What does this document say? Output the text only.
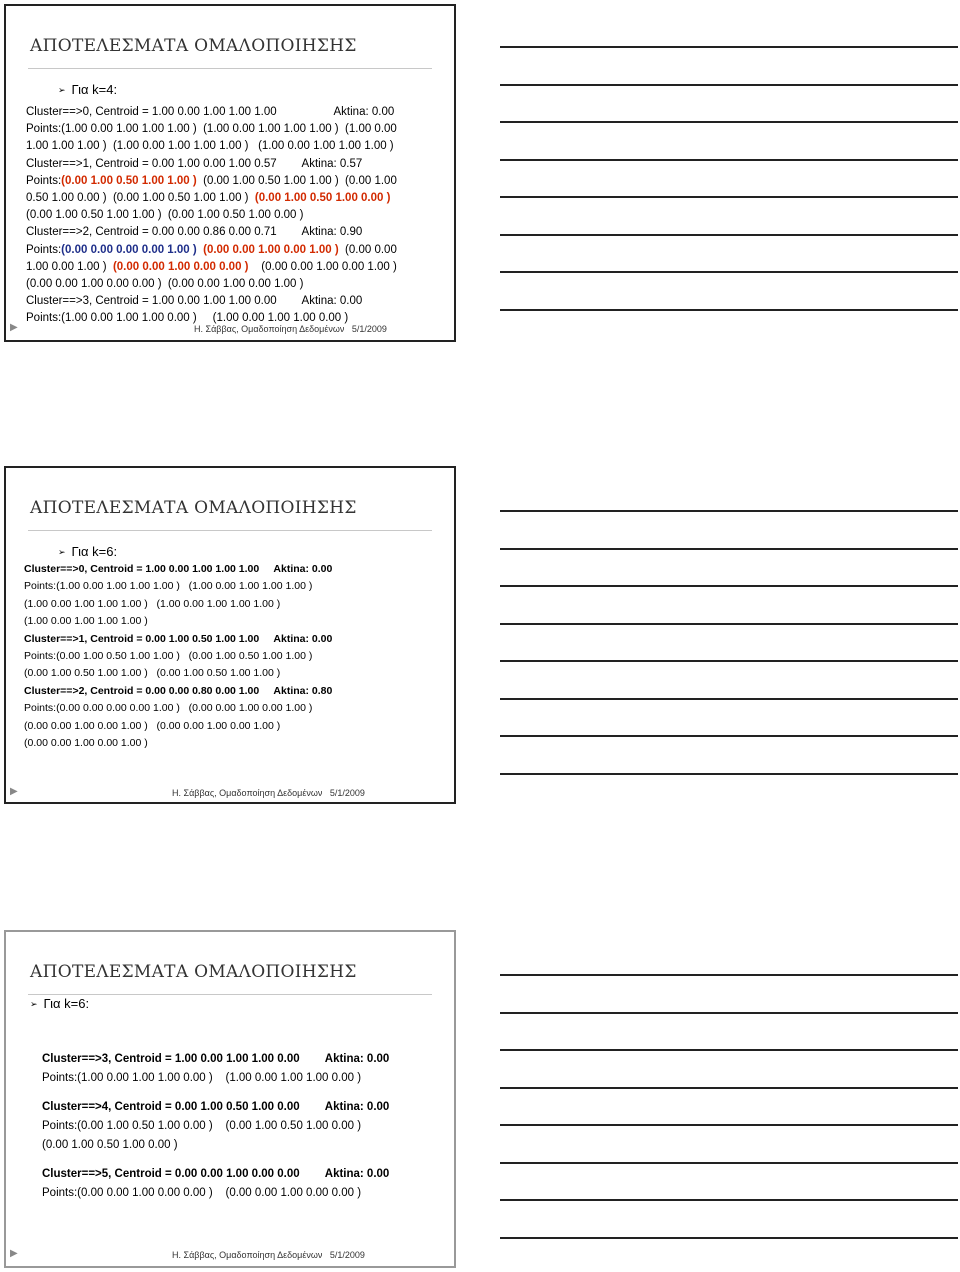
ΑΠΟΤΕΛΕΣΜΑΤΑ ΟΜΑΛΟΠΟΙΗΣΗΣ
➢ Για k=4:
▶	Η. Σάββας, Ομαδοποίηση Δεδομένων   5/1/2009
Cluster==>0, Centroid = 1.00 0.00 1.00 1.00 1.00                  Aktina: 0.00
Points:(1.00 0.00 1.00 1.00 1.00 )  (1.00 0.00 1.00 1.00 1.00 )  (1.00 0.00
1.00 1.00 1.00 )  (1.00 0.00 1.00 1.00 1.00 )   (1.00 0.00 1.00 1.00 1.00 )
Cluster==>1, Centroid = 0.00 1.00 0.00 1.00 0.57        Aktina: 0.57
Points:(0.00 1.00 0.50 1.00 1.00 )  (0.00 1.00 0.50 1.00 1.00 )  (0.00 1.00
0.50 1.00 0.00 )  (0.00 1.00 0.50 1.00 1.00 )  (0.00 1.00 0.50 1.00 0.00 )
(0.00 1.00 0.50 1.00 1.00 )  (0.00 1.00 0.50 1.00 0.00 )
Cluster==>2, Centroid = 0.00 0.00 0.86 0.00 0.71        Aktina: 0.90
Points:(0.00 0.00 0.00 0.00 1.00 ) (0.00 0.00 1.00 0.00 1.00 )  (0.00 0.00
1.00 0.00 1.00 )  (0.00 0.00 1.00 0.00 0.00 )    (0.00 0.00 1.00 0.00 1.00 )
(0.00 0.00 1.00 0.00 0.00 )  (0.00 0.00 1.00 0.00 1.00 )
Cluster==>3, Centroid = 1.00 0.00 1.00 1.00 0.00        Aktina: 0.00
Points:(1.00 0.00 1.00 1.00 0.00 )     (1.00 0.00 1.00 1.00 0.00 )
ΑΠΟΤΕΛΕΣΜΑΤΑ ΟΜΑΛΟΠΟΙΗΣΗΣ
➢ Για k=6:
▶	Η. Σάββας, Ομαδοποίηση Δεδομένων   5/1/2009
Cluster==>0, Centroid = 1.00 0.00 1.00 1.00 1.00     Aktina: 0.00
Points:(1.00 0.00 1.00 1.00 1.00 )   (1.00 0.00 1.00 1.00 1.00 )
(1.00 0.00 1.00 1.00 1.00 )   (1.00 0.00 1.00 1.00 1.00 )
(1.00 0.00 1.00 1.00 1.00 )
Cluster==>1, Centroid = 0.00 1.00 0.50 1.00 1.00     Aktina: 0.00
Points:(0.00 1.00 0.50 1.00 1.00 )   (0.00 1.00 0.50 1.00 1.00 )
(0.00 1.00 0.50 1.00 1.00 )   (0.00 1.00 0.50 1.00 1.00 )
Cluster==>2, Centroid = 0.00 0.00 0.80 0.00 1.00     Aktina: 0.80
Points:(0.00 0.00 0.00 0.00 1.00 )   (0.00 0.00 1.00 0.00 1.00 )
(0.00 0.00 1.00 0.00 1.00 )   (0.00 0.00 1.00 0.00 1.00 )
(0.00 0.00 1.00 0.00 1.00 )
ΑΠΟΤΕΛΕΣΜΑΤΑ ΟΜΑΛΟΠΟΙΗΣΗΣ
➢ Για k=6:
▶	Η. Σάββας, Ομαδοποίηση Δεδομένων   5/1/2009
Cluster==>3, Centroid = 1.00 0.00 1.00 1.00 0.00        Aktina: 0.00
Points:(1.00 0.00 1.00 1.00 0.00 )    (1.00 0.00 1.00 1.00 0.00 )
Cluster==>4, Centroid = 0.00 1.00 0.50 1.00 0.00        Aktina: 0.00
Points:(0.00 1.00 0.50 1.00 0.00 )    (0.00 1.00 0.50 1.00 0.00 )
(0.00 1.00 0.50 1.00 0.00 )
Cluster==>5, Centroid = 0.00 0.00 1.00 0.00 0.00        Aktina: 0.00
Points:(0.00 0.00 1.00 0.00 0.00 )    (0.00 0.00 1.00 0.00 0.00 )
